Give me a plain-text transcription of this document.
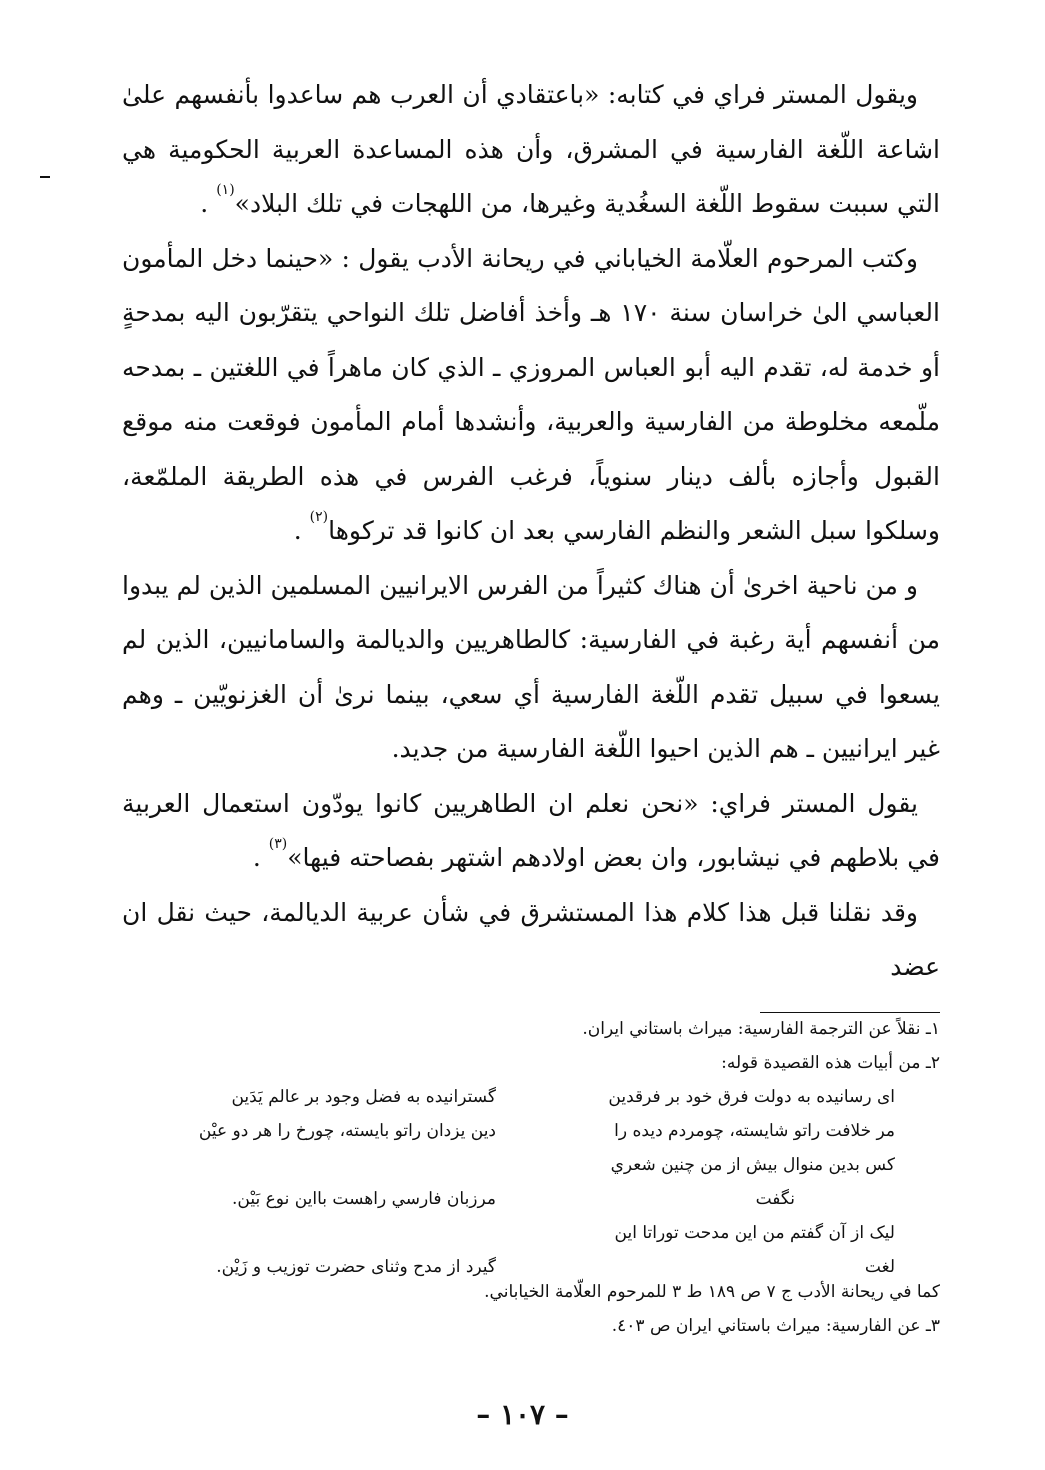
ويقول المستر فراي في كتابه: «باعتقادي أن العرب هم ساعدوا بأنفسهم علىٰ اشاعة اللّغة الفارسية في المشرق، وأن هذه المساعدة العربية الحكومية هي التي سببت سقوط اللّغة السغُدية وغيرها، من اللهجات في تلك البلاد»$^{(١)}$ .

وكتب المرحوم العلّامة الخياباني في ريحانة الأدب يقول : «حينما دخل المأمون العباسي الىٰ خراسان سنة ١٧٠ هـ وأخذ أفاضل تلك النواحي يتقرّبون اليه بمدحةٍ أو خدمة له، تقدم اليه أبو العباس المروزي ـ الذي كان ماهراً في اللغتين ـ بمدحه ملّمعه مخلوطة من الفارسية والعربية، وأنشدها أمام المأمون فوقعت منه موقع القبول وأجازه بألف دينار سنوياً، فرغب الفرس في هذه الطريقة الملمّعة، وسلكوا سبل الشعر والنظم الفارسي بعد ان كانوا قد تركوها$^{(٢)}$ .

و من ناحية اخرىٰ أن هناك كثيراً من الفرس الايرانيين المسلمين الذين لم يبدوا من أنفسهم أية رغبة في الفارسية: كالطاهريين والديالمة والسامانيين، الذين لم يسعوا في سبيل تقدم اللّغة الفارسية أي سعي، بينما نرىٰ أن الغزنويّين ـ وهم غير ايرانيين ـ هم الذين احيوا اللّغة الفارسية من جديد.

يقول المستر فراي: «نحن نعلم ان الطاهريين كانوا يودّون استعمال العربية في بلاطهم في نيشابور، وان بعض اولادهم اشتهر بفصاحته فيها»$^{(٣)}$ .

وقد نقلنا قبل هذا كلام هذا المستشرق في شأن عربية الديالمة، حيث نقل ان عضد

١ـ نقلاً عن الترجمة الفارسية: ميراث باستاني ايران.

٢ـ من أبيات هذه القصيدة قوله:

اى رسانيده به دولت فرق خود بر فرقدين
مر خلافت راتو شايسته، چومردم ديده را
كس بدين منوال بيش از من چنين شعري
نگفت
ليک از آن گفتم من اين مدحت توراتا اين
لغت
گسترانيده به فضل وجود بر عالم يَدَين
دين يزدان راتو بايسته، چورخ را هر دو عيْن
مرزبان فارسي راهست بااين نوع بَيْن.
گيرد از مدح وثناى حضرت توزيب و زَيْن.

كما في ريحانة الأدب ج ٧ ص ١٨٩ ط ٣ للمرحوم العلّامة الخياباني.

٣ـ عن الفارسية: ميراث باستاني ايران ص ٤٠٣.

– ١٠٧ –
